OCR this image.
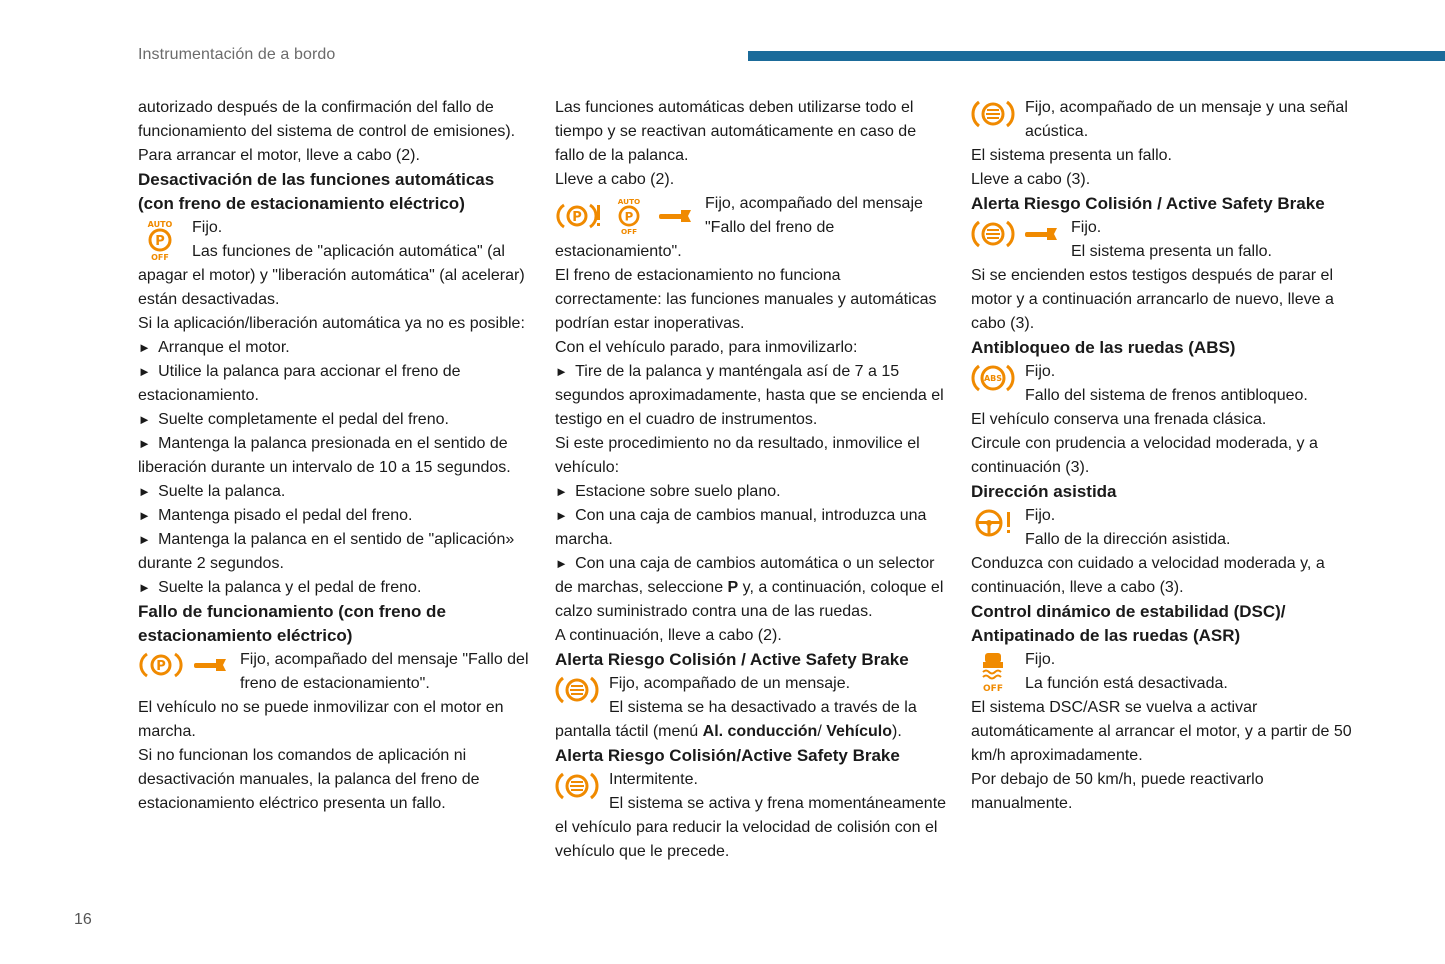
Instrumentación de a bordo

autorizado después de la confirmación del fallo de funcionamiento del sistema de control de emisiones).

Para arrancar el motor, lleve a cabo (2).

Desactivación de las funciones automáticas (con freno de estacionamiento eléctrico)

AUTO
P
OFF

Fijo.

Las funciones de "aplicación automática" (al apagar el motor) y "liberación automática" (al acelerar) están desactivadas.

Si la aplicación/liberación automática ya no es posible:

►  Arranque el motor.

►  Utilice la palanca para accionar el freno de estacionamiento.

►  Suelte completamente el pedal del freno.

►  Mantenga la palanca presionada en el sentido de liberación durante un intervalo de 10 a 15 segundos.

►  Suelte la palanca.

►  Mantenga pisado el pedal del freno.

►  Mantenga la palanca en el sentido de "aplicación» durante 2 segundos.

►  Suelte la palanca y el pedal de freno.

Fallo de funcionamiento (con freno de estacionamiento eléctrico)

P	Fijo, acompañado del mensaje "Fallo del freno de estacionamiento".

El vehículo no se puede inmovilizar con el motor en marcha.

Si no funcionan los comandos de aplicación ni desactivación manuales, la palanca del freno de estacionamiento eléctrico presenta un fallo.

Las funciones automáticas deben utilizarse todo el tiempo y se reactivan automáticamente en caso de fallo de la palanca.

Lleve a cabo (2).

P
AUTO
P
OFF

Fijo, acompañado del mensaje "Fallo del freno de estacionamiento".

El freno de estacionamiento no funciona correctamente: las funciones manuales y automáticas podrían estar inoperativas.

Con el vehículo parado, para inmovilizarlo:

►  Tire de la palanca y manténgala así de 7 a 15 segundos aproximadamente, hasta que se encienda el testigo en el cuadro de instrumentos.

Si este procedimiento no da resultado, inmovilice el vehículo:

►  Estacione sobre suelo plano.

►  Con una caja de cambios manual, introduzca una marcha.

►  Con una caja de cambios automática o un selector de marchas, seleccione P y, a continuación, coloque el calzo suministrado contra una de las ruedas.

A continuación, lleve a cabo (2).

Alerta Riesgo Colisión / Active Safety Brake

Fijo, acompañado de un mensaje.

El sistema se ha desactivado a través de la pantalla táctil (menú Al. conducción/ Vehículo).

Alerta Riesgo Colisión/Active Safety Brake

Intermitente.

El sistema se activa y frena momentáneamente el vehículo para reducir la velocidad de colisión con el vehículo que le precede.

Fijo, acompañado de un mensaje y una señal acústica.

El sistema presenta un fallo.

Lleve a cabo (3).

Alerta Riesgo Colisión / Active Safety Brake

Fijo.

El sistema presenta un fallo.

Si se encienden estos testigos después de parar el motor y a continuación arrancarlo de nuevo, lleve a cabo (3).

Antibloqueo de las ruedas (ABS)

ABS	Fijo.

Fallo del sistema de frenos antibloqueo.

El vehículo conserva una frenada clásica.

Circule con prudencia a velocidad moderada, y a continuación (3).

Dirección asistida

Fijo.

Fallo de la dirección asistida.

Conduzca con cuidado a velocidad moderada y, a continuación, lleve a cabo (3).

Control dinámico de estabilidad (DSC)/ Antipatinado de las ruedas (ASR)

OFF

Fijo.

La función está desactivada.

El sistema DSC/ASR se vuelva a activar automáticamente al arrancar el motor, y a partir de 50 km/h aproximadamente.

Por debajo de 50 km/h, puede reactivarlo manualmente.

16
